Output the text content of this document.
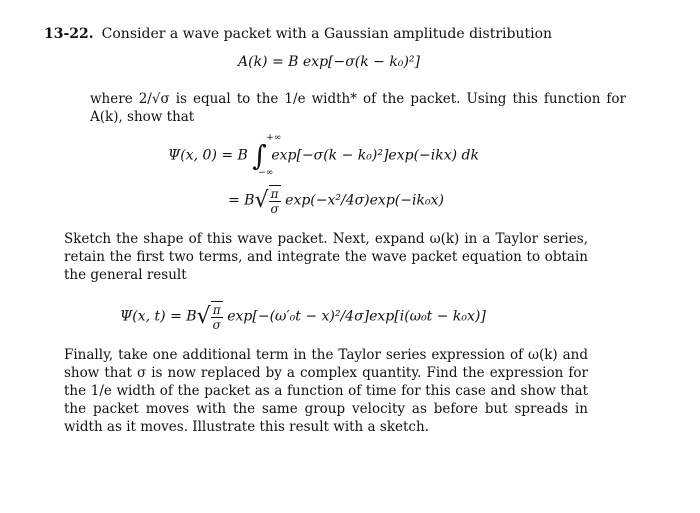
13-22. Consider a wave packet with a Gaussian amplitude distribution
A(k) = B exp[−σ(k − k₀)²]
where 2/√σ is equal to the 1/e width* of the packet. Using this function for A(k), show that
Ψ(x, 0) = B ∫
+∞
−∞
exp[−σ(k − k₀)²]exp(−ikx) dk
= $B√ \frac{\pi}{\sigma} \exp(-x^2/4\sigma)\exp(-ik_0x)$
Sketch the shape of this wave packet. Next, expand ω(k) in a Taylor series, retain the first two terms, and integrate the wave packet equation to obtain the general result
Ψ(x, $t) = B√ \frac{\pi}{\sigma} \exp[-(\omega'_0t - x)^2/4\sigma]\exp[i(\omega_0t - k_0x)]$
Finally, take one additional term in the Taylor series expression of ω(k) and show that σ is now replaced by a complex quantity. Find the expression for the 1/e width of the packet as a function of time for this case and show that the packet moves with the same group velocity as before but spreads in width as it moves. Illustrate this result with a sketch.
